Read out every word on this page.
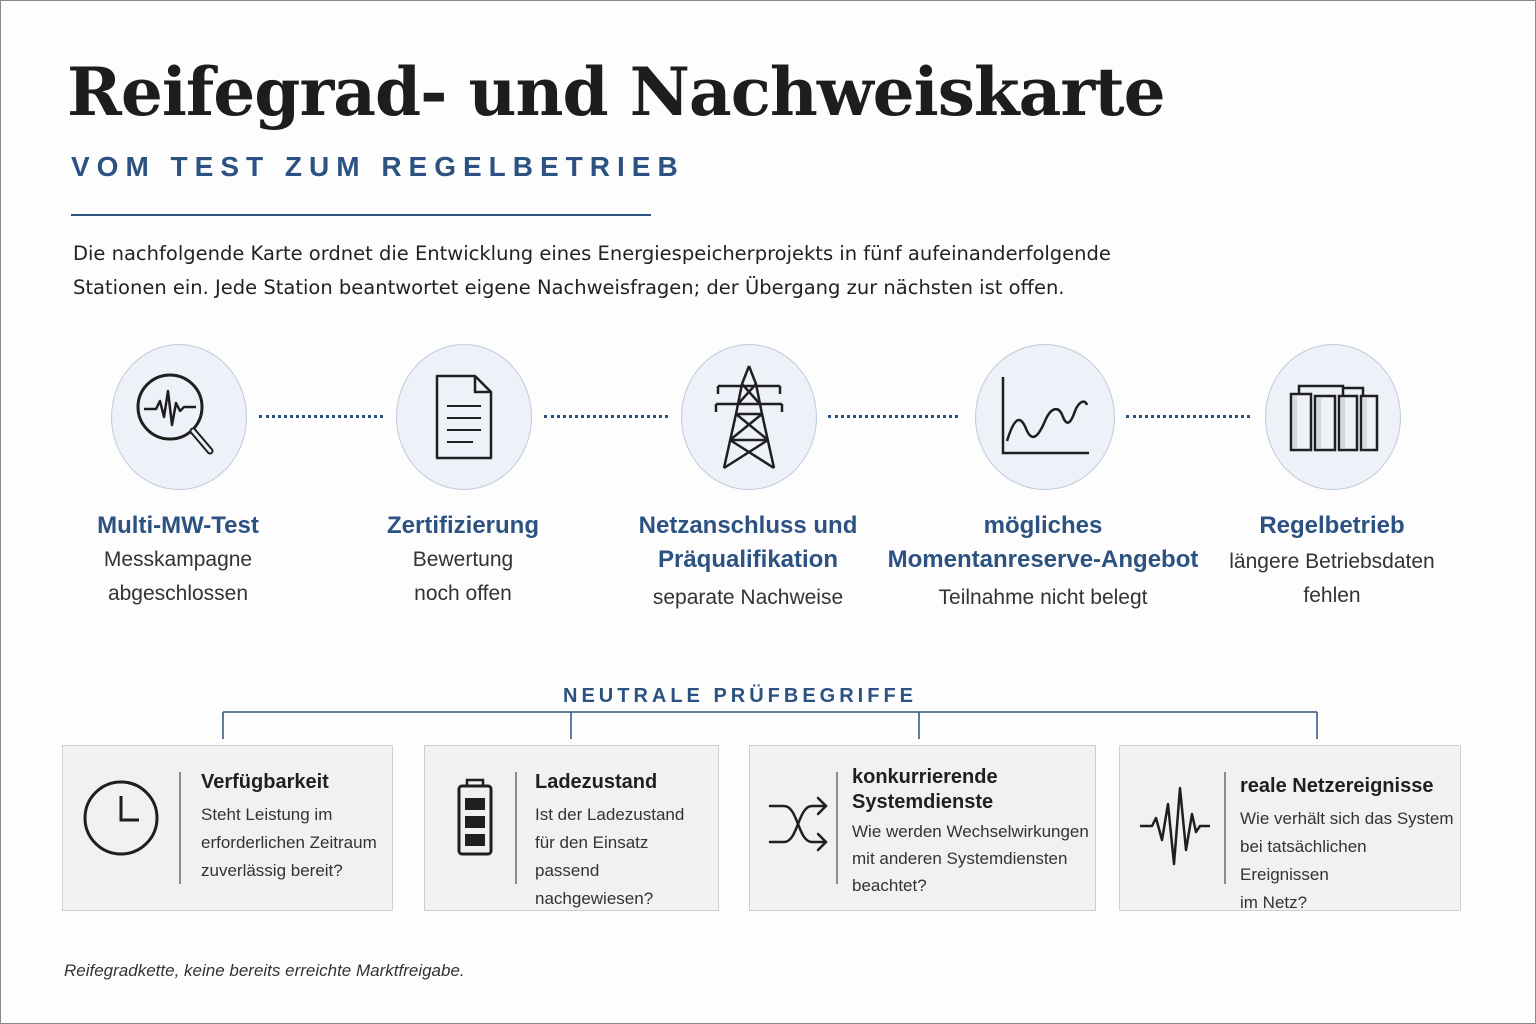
Reifegrad- und Nachweiskarte
VOM TEST ZUM REGELBETRIEB
Die nachfolgende Karte ordnet die Entwicklung eines Energiespeicherprojekts in fünf aufeinanderfolgende Stationen ein. Jede Station beantwortet eigene Nachweisfragen; der Übergang zur nächsten ist offen.
Multi-MW-Test
Messkampagne
abgeschlossen
Zertifizierung
Bewertung
noch offen
Netzanschluss und
Präqualifikation
separate Nachweise
mögliches
Momentanreserve-Angebot
Teilnahme nicht belegt
Regelbetrieb
längere Betriebsdaten
fehlen
NEUTRALE PRÜFBEGRIFFE
Verfügbarkeit
Steht Leistung im
erforderlichen Zeitraum
zuverlässig bereit?
Ladezustand
Ist der Ladezustand
für den Einsatz passend
nachgewiesen?
konkurrierende
Systemdienste
Wie werden Wechselwirkungen
mit anderen Systemdiensten
beachtet?
reale Netzereignisse
Wie verhält sich das System
bei tatsächlichen Ereignissen
im Netz?
Reifegradkette, keine bereits erreichte Marktfreigabe.
